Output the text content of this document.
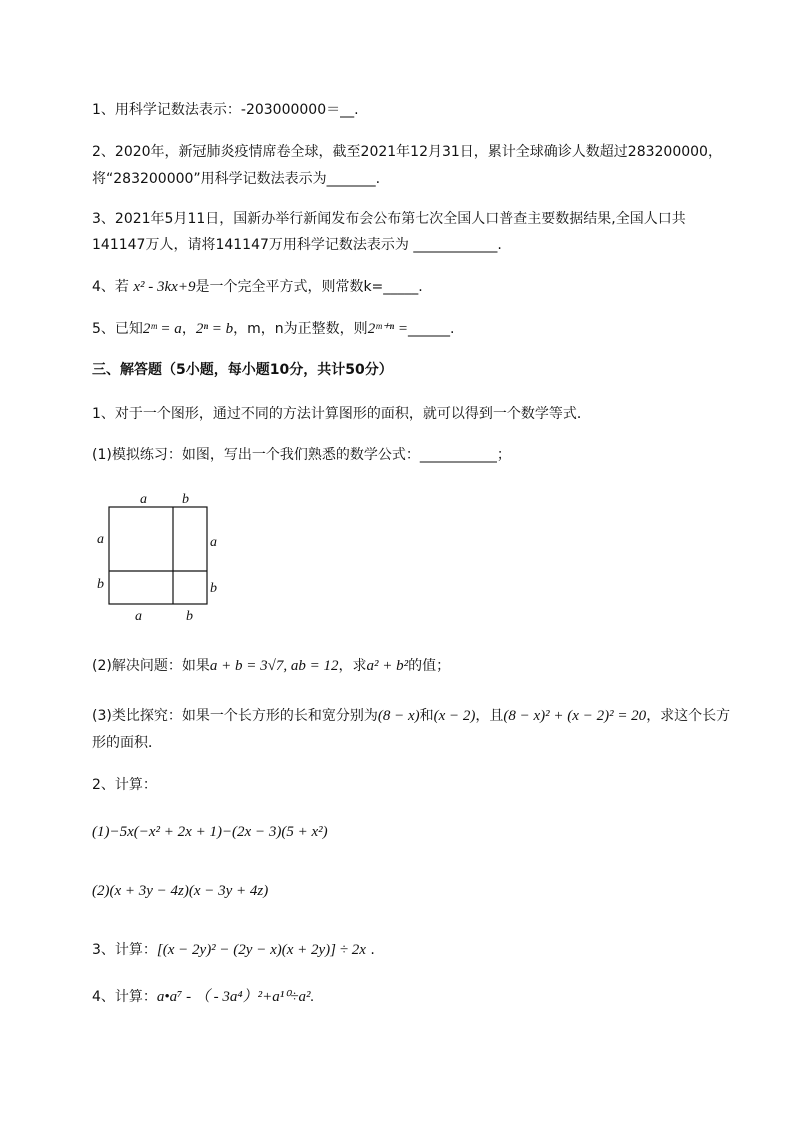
1、用科学记数法表示：-203000000＝__.
2、2020年，新冠肺炎疫情席卷全球，截至2021年12月31日，累计全球确诊人数超过283200000，
将“283200000”用科学记数法表示为_______.
3、2021年5月11日，国新办举行新闻发布会公布第七次全国人口普查主要数据结果,全国人口共
141147万人，请将141147万用科学记数法表示为 ____________.
4、若 x² - 3kx+9是一个完全平方式，则常数k=_____.
5、已知2ᵐ = a，2ⁿ = b，m，n为正整数，则2ᵐ⁺ⁿ =______.
三、解答题（5小题，每小题10分，共计50分）
1、对于一个图形，通过不同的方法计算图形的面积，就可以得到一个数学等式．
(1)模拟练习：如图，写出一个我们熟悉的数学公式：___________；
a	b
a
b
a
b
a	b
(2)解决问题：如果a + b = 3√7, ab = 12，求a² + b²的值；
(3)类比探究：如果一个长方形的长和宽分别为(8 − x)和(x − 2)，且(8 − x)² + (x − 2)² = 20，求这个长方
形的面积．
2、计算：
(1)−5x(−x² + 2x + 1)−(2x − 3)(5 + x²)
(2)(x + 3y − 4z)(x − 3y + 4z)
3、计算：[(x − 2y)² − (2y − x)(x + 2y)] ÷ 2x .
4、计算：a•a⁷ - （ - 3a⁴）²+a¹⁰÷a².
